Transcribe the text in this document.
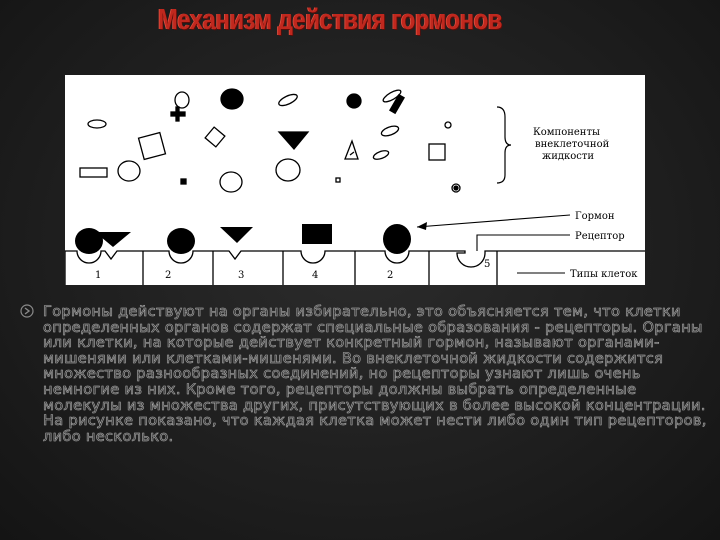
Механизм действия гормонов
Компоненты
внеклеточной
жидкости
1	2	3	4	2
5
Гормон
Рецептор
Типы клеток
Гормоны действуют на органы избирательно, это объясняется тем, что клетки определенных органов содержат специальные образования - рецепторы. Органы или клетки, на которые действует конкретный гормон, называют органами-мишенями или клетками-мишенями. Во внеклеточной жидкости содержится множество разнообразных соединений, но рецепторы узнают лишь очень немногие из них. Кроме того, рецепторы должны выбрать определенные молекулы из множества других, присутствующих в более высокой концентрации. На рисунке показано, что каждая клетка может нести либо один тип рецепторов, либо несколько.
